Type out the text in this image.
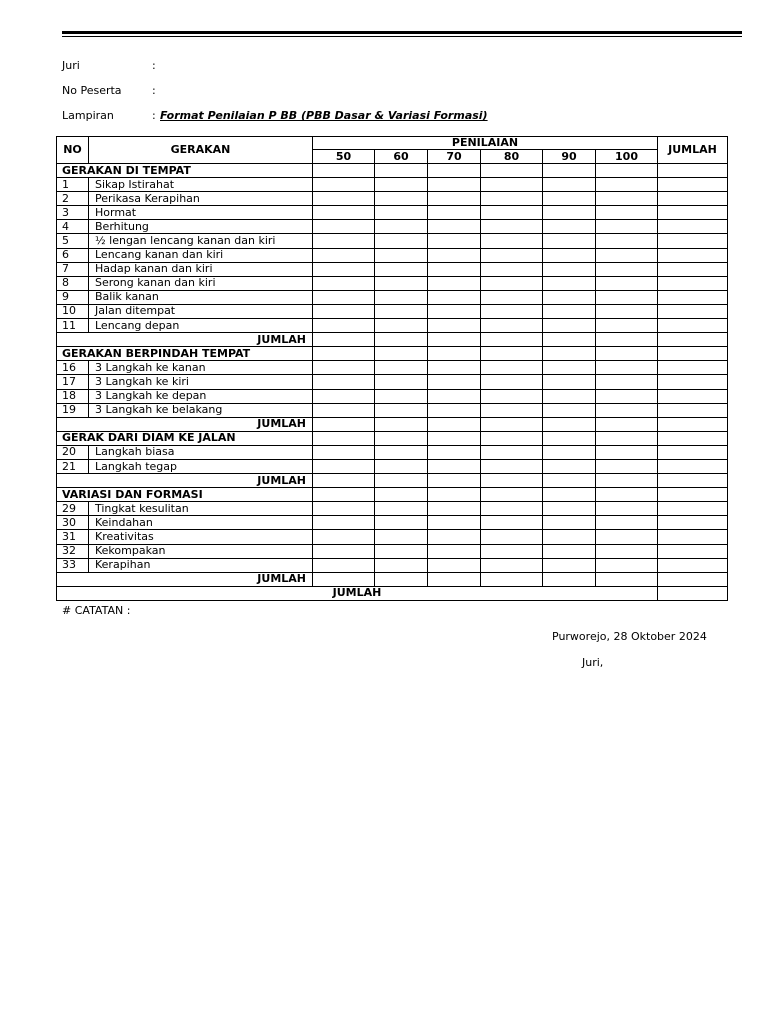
Juri	:
No Peserta	:
Lampiran	: Format Penilaian P BB (PBB Dasar & Variasi Formasi)
NO	GERAKAN	PENILAIAN						JUMLAH
		50	60	70	80	90	100	
GERAKAN DI TEMPAT								
1	Sikap Istirahat							
2	Perikasa Kerapihan							
3	Hormat							
4	Berhitung							
5	½ lengan lencang kanan dan kiri							
6	Lencang kanan dan kiri							
7	Hadap kanan dan kiri							
8	Serong kanan dan kiri							
9	Balik kanan							
10	Jalan ditempat							
11	Lencang depan							
JUMLAH								
GERAKAN BERPINDAH TEMPAT								
16	3 Langkah ke kanan							
17	3 Langkah ke kiri							
18	3 Langkah ke depan							
19	3 Langkah ke belakang							
JUMLAH								
GERAK DARI DIAM KE JALAN								
20	Langkah biasa							
21	Langkah tegap							
JUMLAH								
VARIASI DAN FORMASI								
29	Tingkat kesulitan							
30	Keindahan							
31	Kreativitas							
32	Kekompakan							
33	Kerapihan							
JUMLAH								
JUMLAH								
# CATATAN :
Purworejo, 28 Oktober 2024
Juri,
